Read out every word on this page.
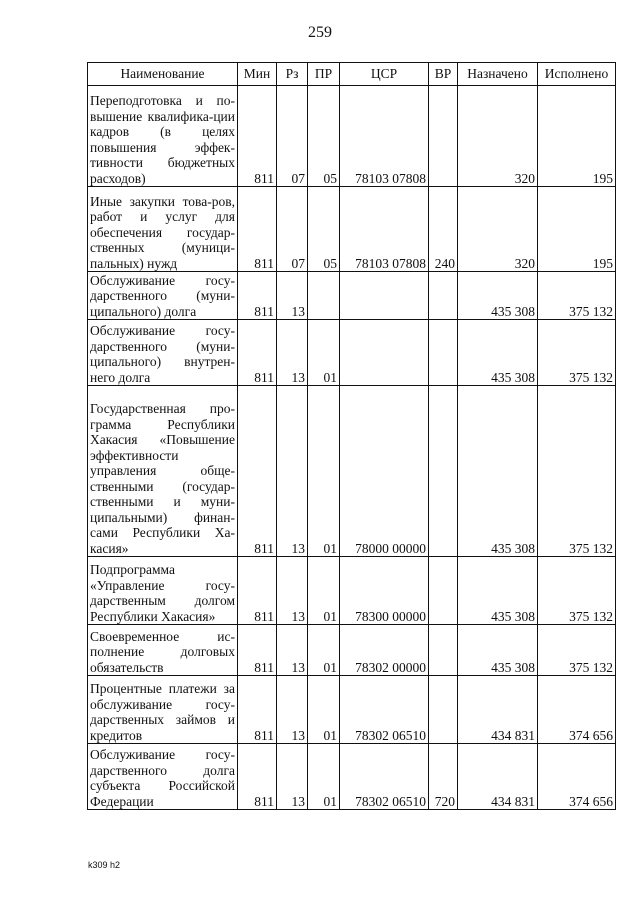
259
Наименование	Мин	Рз	ПР	ЦСР	ВР	Назначено	Исполнено
Переподготовка и по-вышение квалифика-ции кадров (в целях повышения эффек-тивности бюджетных расходов)	811	07	05	78103 07808		320	195
Иные закупки това-ров, работ и услуг для обеспечения государ-ственных (муници-пальных) нужд	811	07	05	78103 07808	240	320	195
Обслуживание госу-дарственного (муни-ципального) долга	811	13				435 308	375 132
Обслуживание госу-дарственного (муни-ципального) внутрен-него долга	811	13	01			435 308	375 132
Государственная про-грамма Республики Хакасия «Повышение эффективности управления обще-ственными (государ-ственными и муни-ципальными) финан-сами Республики Ха-касия»	811	13	01	78000 00000		435 308	375 132
Подпрограмма «Управление госу-дарственным долгом Республики Хакасия»	811	13	01	78300 00000		435 308	375 132
Своевременное ис-полнение долговых обязательств	811	13	01	78302 00000		435 308	375 132
Процентные платежи за обслуживание госу-дарственных займов и кредитов	811	13	01	78302 06510		434 831	374 656
Обслуживание госу-дарственного долга субъекта Российской Федерации	811	13	01	78302 06510	720	434 831	374 656
k309 h2
